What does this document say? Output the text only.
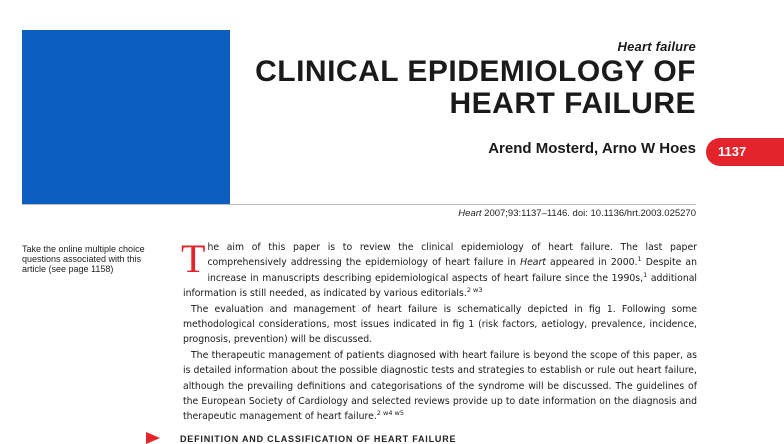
Heart failure
CLINICAL EPIDEMIOLOGY OF
HEART FAILURE
Arend Mosterd, Arno W Hoes	1137
Heart 2007;93:1137–1146. doi: 10.1136/hrt.2003.025270
Take the online multiple choice questions associated with this article (see page 1158)	The aim of this paper is to review the clinical epidemiology of heart failure. The last paper comprehensively addressing the epidemiology of heart failure in Heart appeared in 2000.$^1$ Despite an increase in manuscripts describing epidemiological aspects of heart failure since the 1990s,$^1$ additional information is still needed, as indicated by various editorials.$^{2 w3}$

The evaluation and management of heart failure is schematically depicted in fig 1. Following some methodological considerations, most issues indicated in fig 1 (risk factors, aetiology, prevalence, incidence, prognosis, prevention) will be discussed.

The therapeutic management of patients diagnosed with heart failure is beyond the scope of this paper, as is detailed information about the possible diagnostic tests and strategies to establish or rule out heart failure, although the prevailing definitions and categorisations of the syndrome will be discussed. The guidelines of the European Society of Cardiology and selected reviews provide up to date information on the diagnosis and therapeutic management of heart failure.$^{2 w4 w5}$

DEFINITION AND CLASSIFICATION OF HEART FAILURE
